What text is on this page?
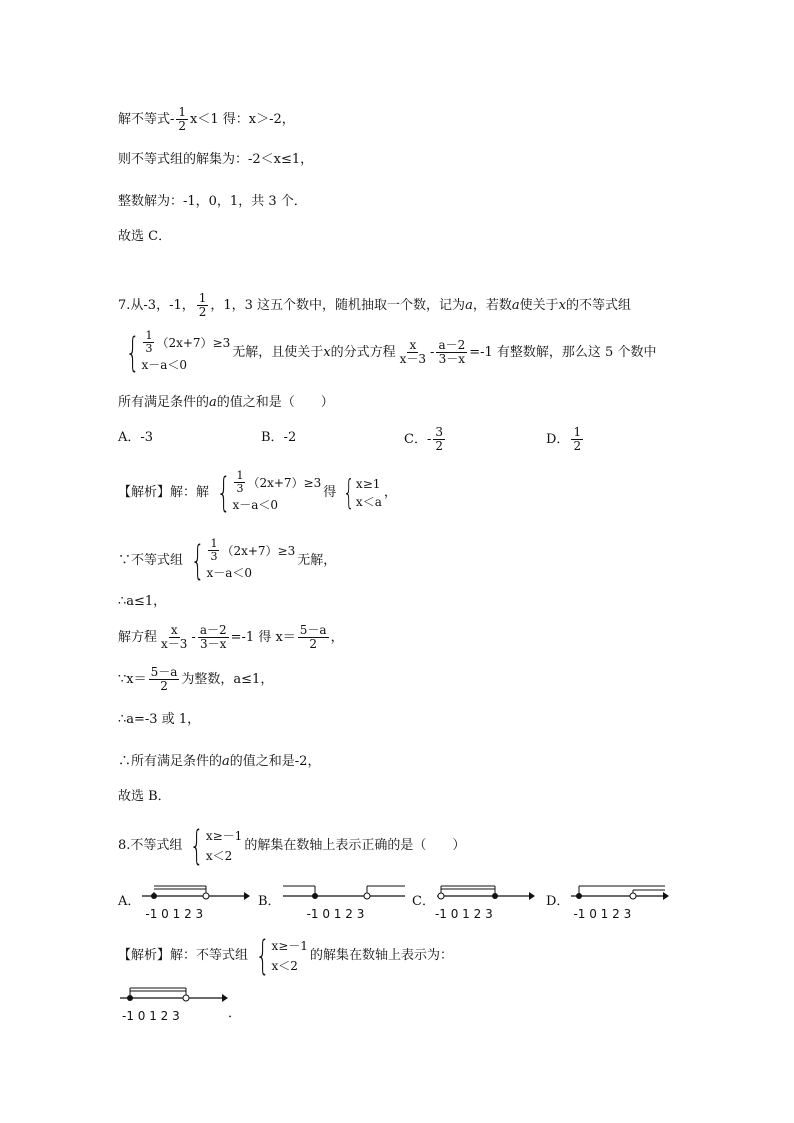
解不等式- $\frac{1}{2} x<1$ 得：x＞-2，
则不等式组的解集为：-2＜x≤1，
整数解为：-1，0，1，共 3 个．
故选 C．
7.从-3，-1， $\frac{1}{2}$ ，1，3 这五个数中，随机抽取一个数，记为 a ，若数 a 使关于 x 的不等式组
{ $\frac{1}{3} (2x+7)\ge 3$
x－a＜0
无解，且使关于 x 的分式方程 $\frac{x}{x-3} - \frac{a-2}{3-x} =-1$ 有整数解，那么这 5 个数中
所有满足条件的 a 的值之和是（　　）
A．-3	B．-2	C．- $\frac{3}{2}$	D． $\frac{1}{2}$
【解析】解：解 { $\frac{1}{3} (2x+7)\ge 3$
x－a＜0
得 { x≥1
x＜a
，
∵不等式组 { $\frac{1}{3} (2x+7)\ge 3$
x－a＜0
无解，
∴a≤1，
解方程 $\frac{x}{x-3} - \frac{a-2}{3-x} =-1$ 得 $x= \frac{5-a}{2}$ ，
∵x＝ $\frac{5-a}{2}$ 为整数，a≤1，
∴a=-3 或 1，
∴所有满足条件的 a 的值之和是-2，
故选 B．
8.不等式组 { x≥－1
x＜2
的解集在数轴上表示正确的是（　　）
A．
-1 0 1 2 3
B．
-1 0 1 2 3
C．
-1 0 1 2 3
D．
-1 0 1 2 3
【解析】解：不等式组 { x≥－1
x＜2
的解集在数轴上表示为：
-1 0 1 2 3	．
